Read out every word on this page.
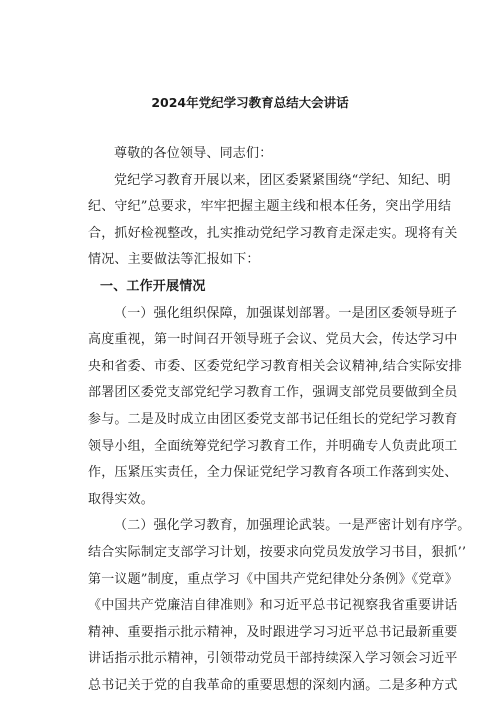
2024年党纪学习教育总结大会讲话
尊敬的各位领导、同志们：
党纪学习教育开展以来，团区委紧紧围绕“学纪、知纪、明
纪、守纪”总要求，牢牢把握主题主线和根本任务，突出学用结
合，抓好检视整改，扎实推动党纪学习教育走深走实。现将有关
情况、主要做法等汇报如下：
一、工作开展情况
（一）强化组织保障，加强谋划部署。一是团区委领导班子
高度重视，第一时间召开领导班子会议、党员大会，传达学习中
央和省委、市委、区委党纪学习教育相关会议精神,结合实际安排
部署团区委党支部党纪学习教育工作，强调支部党员要做到全员
参与。二是及时成立由团区委党支部书记任组长的党纪学习教育
领导小组，全面统筹党纪学习教育工作，并明确专人负责此项工
作，压紧压实责任，全力保证党纪学习教育各项工作落到实处、
取得实效。
（二）强化学习教育，加强理论武装。一是严密计划有序学。
结合实际制定支部学习计划，按要求向党员发放学习书目，狠抓’’
第一议题”制度，重点学习《中国共产党纪律处分条例》《党章》
《中国共产党廉洁自律准则》和习近平总书记视察我省重要讲话
精神、重要指示批示精神，及时跟进学习习近平总书记最新重要
讲话指示批示精神，引领带动党员干部持续深入学习领会习近平
总书记关于党的自我革命的重要思想的深刻内涵。二是多种方式
